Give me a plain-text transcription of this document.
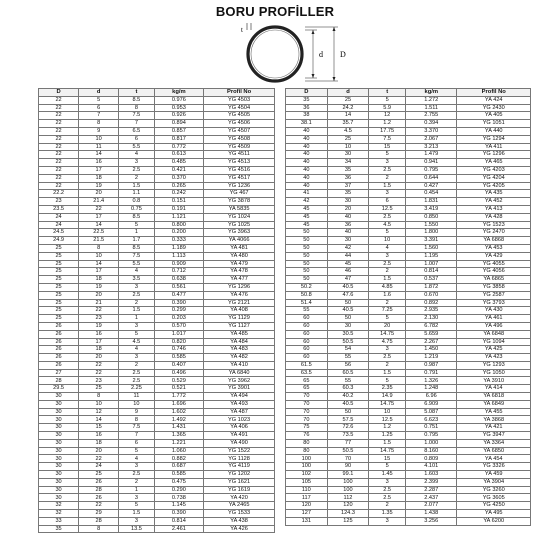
BORU PROFİLLER
t
d D
D	d	t	kg/m	Profil No
22	5	8.5	0.976	YG 4503
22	6	8	0.953	YG 4504
22	7	7.5	0.926	YG 4505
22	8	7	0.894	YG 4506
22	9	6.5	0.857	YG 4507
22	10	6	0.817	YG 4508
22	11	5.5	0.772	YG 4509
22	14	4	0.613	YG 4511
22	16	3	0.485	YG 4513
22	17	2.5	0.421	YG 4516
22	18	2	0.370	YG 4517
22	19	1.5	0.265	YG 1236
22.2	20	1.1	0.242	YG 467
23	21.4	0.8	0.151	YG 3878
23.5	22	0.75	0.191	YA 5835
24	17	8.5	1.121	YG 1024
24	14	5	0.800	YG 1025
24.5	22.5	1	0.200	YG 3963
24.9	21.5	1.7	0.333	YA 4066
25	8	8.5	1.189	YA 481
25	10	7.5	1.113	YA 480
25	14	5.5	0.909	YA 479
25	17	4	0.712	YA 478
25	18	3.5	0.638	YA 477
25	19	3	0.561	YG 1296
25	20	2.5	0.477	YA 476
25	21	2	0.390	YG 2121
25	22	1.5	0.299	YA 408
25	23	1	0.203	YG 1129
26	19	3	0.570	YG 1127
26	16	5	1.017	YA 485
26	17	4.5	0.820	YA 484
26	18	4	0.746	YA 483
26	20	3	0.585	YA 482
26	22	2	0.407	YA 410
27	22	2.5	0.496	YA 6840
28	23	2.5	0.529	YG 3962
29.5	25	2.25	0.521	YG 3901
30	8	11	1.772	YA 494
30	10	10	1.696	YA 493
30	12	9	1.602	YA 487
30	14	8	1.492	YG 1023
30	15	7.5	1.431	YA 406
30	16	7	1.365	YA 491
30	18	6	1.221	YA 490
30	20	5	1.060	YG 1522
30	22	4	0.882	YG 1128
30	24	3	0.687	YG 4119
30	25	2.5	0.585	YG 1202
30	26	2	0.475	YG 1621
30	28	1	0.290	YG 1619
30	26	3	0.738	YA 420
32	22	5	1.145	YA 2465
32	29	1.5	0.390	YG 1533
33	28	3	0.814	YA 438
35	8	13.5	2.461	YA 426
D	d	t	kg/m	Profil No
35	25	5	1.272	YA 424
36	24.2	5.9	1.511	YG 2430
38	14	12	2.755	YA 405
38.1	35.7	1.2	0.394	YG 1051
40	4.5	17.75	3.370	YA 440
40	25	7.5	2.067	YG 1294
40	10	15	3.213	YA 411
40	30	5	1.479	YG 1296
40	34	3	0.941	YA 465
40	35	2.5	0.795	YG 4203
40	36	2	0.644	YG 4204
40	37	1.5	0.427	YG 4205
41	35	3	0.454	YA 435
42	30	6	1.831	YA 452
45	20	12.5	3.419	YA 413
45	40	2.5	0.850	YA 428
45	36	4.5	1.550	YG 1523
50	40	5	1.800	YG 2470
50	30	10	3.391	YA 6868
50	42	4	1.560	YA 453
50	44	3	1.195	YA 429
50	45	2.5	1.007	YG 4055
50	46	2	0.814	YG 4056
50	47	1.5	0.537	YA 6865
50.2	40.5	4.85	1.872	YG 3858
50.8	47.6	1.6	0.670	YG 2587
51.4	50	2	0.892	YG 3793
55	40.5	7.25	2.935	YA 430
60	50	5	2.130	YA 461
60	30	20	6.782	YA 496
60	30.5	14.75	5.659	YA 6848
60	50.5	4.75	2.267	YG 1094
60	54	3	1.450	YA 425
60	55	2.5	1.219	YA 423
61.5	56	2	0.987	YG 1293
63.5	60.5	1.5	0.791	YG 1050
65	55	5	1.326	YA 3910
65	60.3	2.35	1.248	YA 414
70	40.2	14.9	6.96	YA 6818
70	40.5	14.75	6.909	YA 6849
70	50	10	5.087	YA 455
70	57.5	12.5	6.623	YA 3868
75	72.6	1.2	0.751	YA 421
76	73.5	1.25	0.795	YG 3947
80	77	1.5	1.000	YA 3364
80	50.5	14.75	8.160	YA 6850
100	70	15	0.809	YA 454
100	90	5	4.101	YG 3326
102	99.1	1.45	1.603	YA 459
105	100	3	2.399	YA 3904
110	100	2.5	2.287	YG 3260
117	112	2.5	2.437	YG 3605
120	120	2	2.077	YG 4250
127	124.3	1.35	1.438	YA 495
131	125	3	3.256	YA 6200
